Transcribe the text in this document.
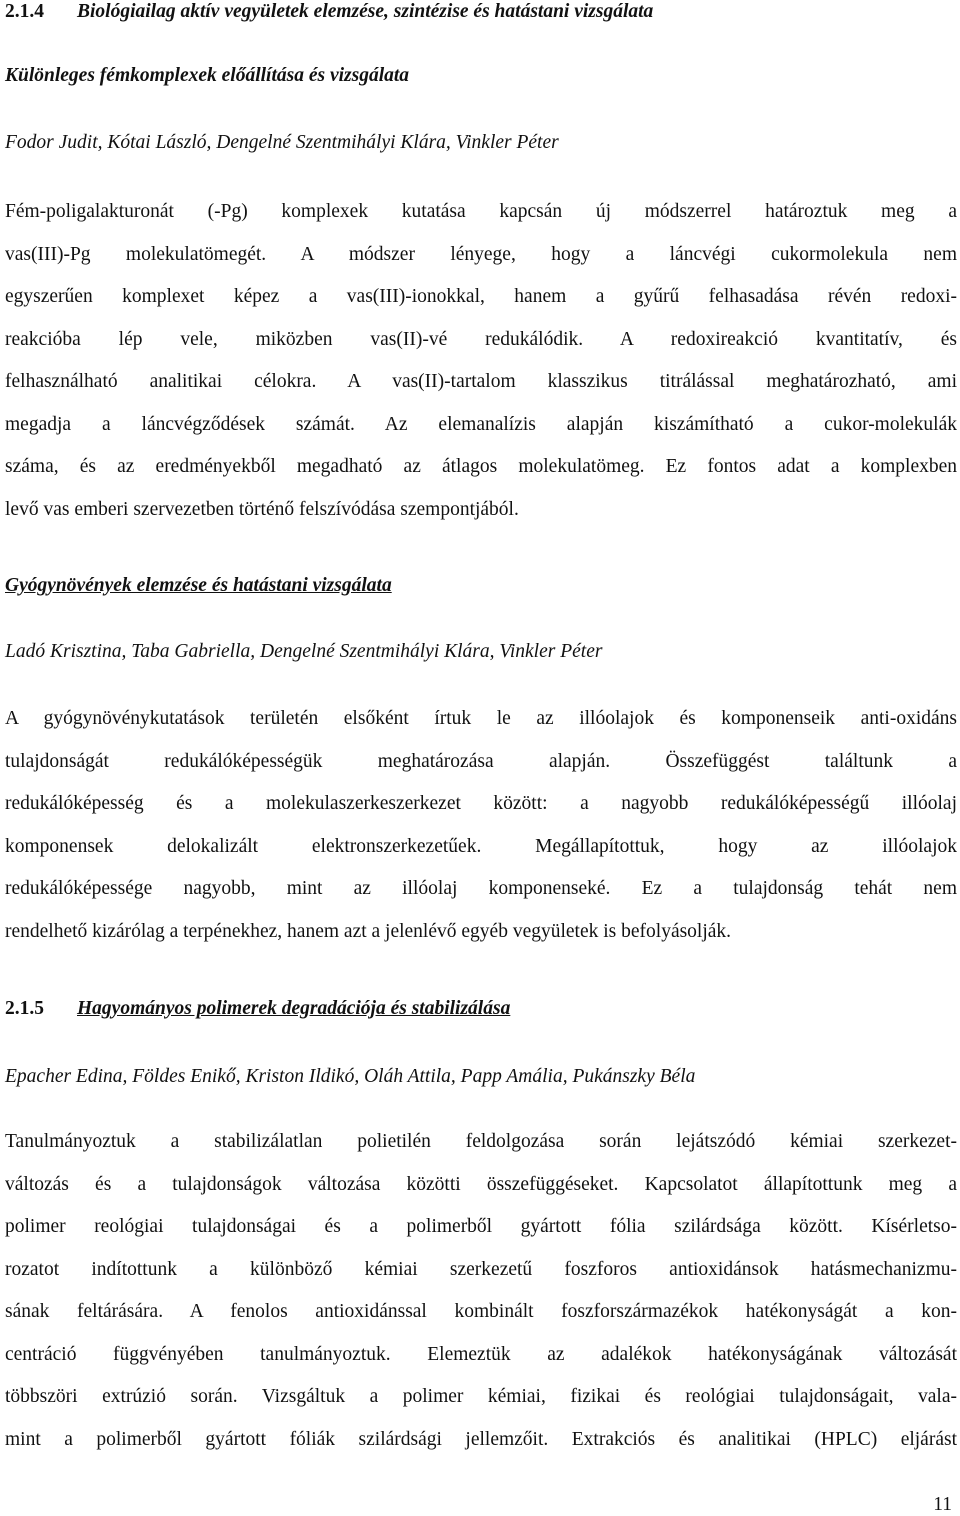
2.1.4 Biológiailag aktív vegyületek elemzése, szintézise és hatástani vizsgálata
Különleges fémkomplexek előállítása és vizsgálata
Fodor Judit, Kótai László, Dengelné Szentmihályi Klára, Vinkler Péter
Fém-poligalakturonát (-Pg) komplexek kutatása kapcsán új módszerrel határoztuk meg a
vas(III)-Pg molekulatömegét. A módszer lényege, hogy a láncvégi cukormolekula nem
egyszerűen komplexet képez a vas(III)-ionokkal, hanem a gyűrű felhasadása révén redoxi-
reakcióba lép vele, miközben vas(II)-vé redukálódik. A redoxireakció kvantitatív, és
felhasználható analitikai célokra. A vas(II)-tartalom klasszikus titrálással meghatározható, ami
megadja a láncvégződések számát. Az elemanalízis alapján kiszámítható a cukor-molekulák
száma, és az eredményekből megadható az átlagos molekulatömeg. Ez fontos adat a komplexben
levő vas emberi szervezetben történő felszívódása szempontjából.
Gyógynövények elemzése és hatástani vizsgálata
Ladó Krisztina, Taba Gabriella, Dengelné Szentmihályi Klára, Vinkler Péter
A gyógynövénykutatások területén elsőként írtuk le az illóolajok és komponenseik anti-oxidáns
tulajdonságát redukálóképességük meghatározása alapján. Összefüggést találtunk a
redukálóképesség és a molekulaszerkeszerkezet között: a nagyobb redukálóképességű illóolaj
komponensek delokalizált elektronszerkezetűek. Megállapítottuk, hogy az illóolajok
redukálóképessége nagyobb, mint az illóolaj komponenseké. Ez a tulajdonság tehát nem
rendelhető kizárólag a terpénekhez, hanem azt a jelenlévő egyéb vegyületek is befolyásolják.
2.1.5 Hagyományos polimerek degradációja és stabilizálása
Epacher Edina, Földes Enikő, Kriston Ildikó, Oláh Attila, Papp Amália, Pukánszky Béla
Tanulmányoztuk a stabilizálatlan polietilén feldolgozása során lejátszódó kémiai szerkezet-
változás és a tulajdonságok változása közötti összefüggéseket. Kapcsolatot állapítottunk meg a
polimer reológiai tulajdonságai és a polimerből gyártott fólia szilárdsága között. Kísérletso-
rozatot indítottunk a különböző kémiai szerkezetű foszforos antioxidánsok hatásmechanizmu-
sának feltárására. A fenolos antioxidánssal kombinált foszforszármazékok hatékonyságát a kon-
centráció függvényében tanulmányoztuk. Elemeztük az adalékok hatékonyságának változását
többszöri extrúzió során. Vizsgáltuk a polimer kémiai, fizikai és reológiai tulajdonságait, vala-
mint a polimerből gyártott fóliák szilárdsági jellemzőit. Extrakciós és analitikai (HPLC) eljárást
11
